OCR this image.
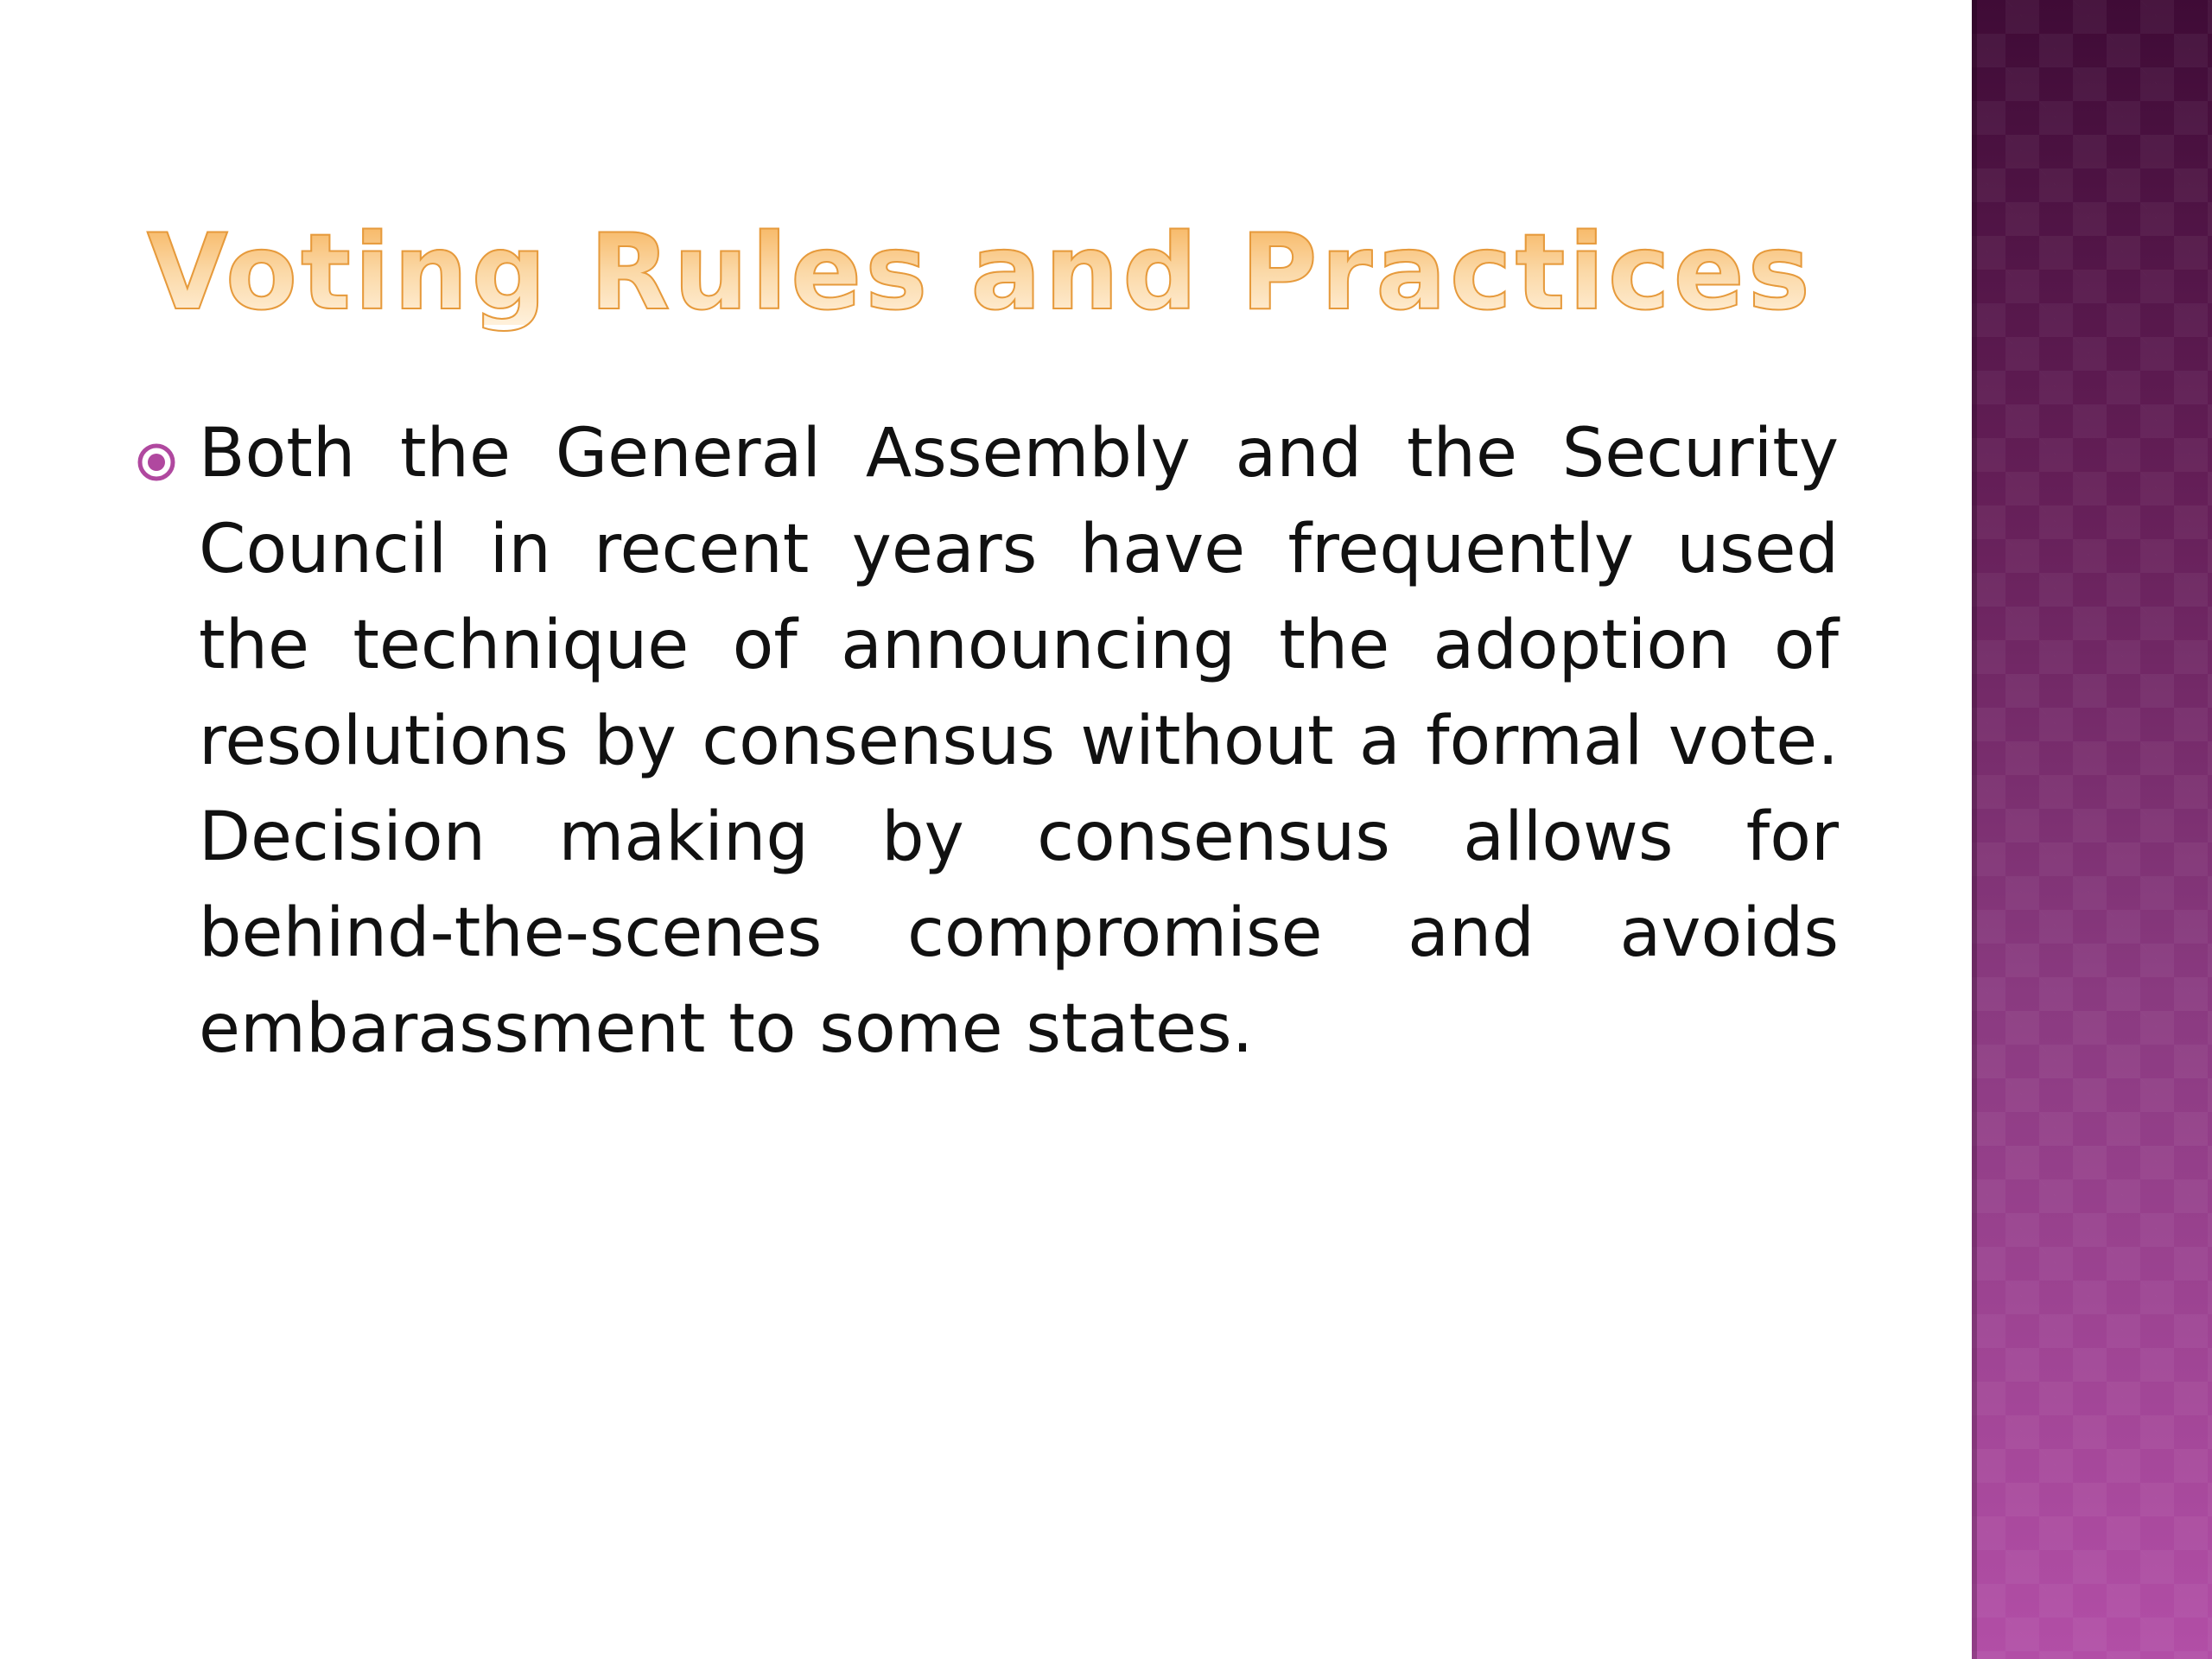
Voting Rules and Practices
Both the General Assembly and the Security Council in recent years have frequently used the technique of announcing the adoption of resolutions by consensus without a formal vote. Decision making by consensus allows for behind-the-scenes compromise and avoids embarassment to some states.
